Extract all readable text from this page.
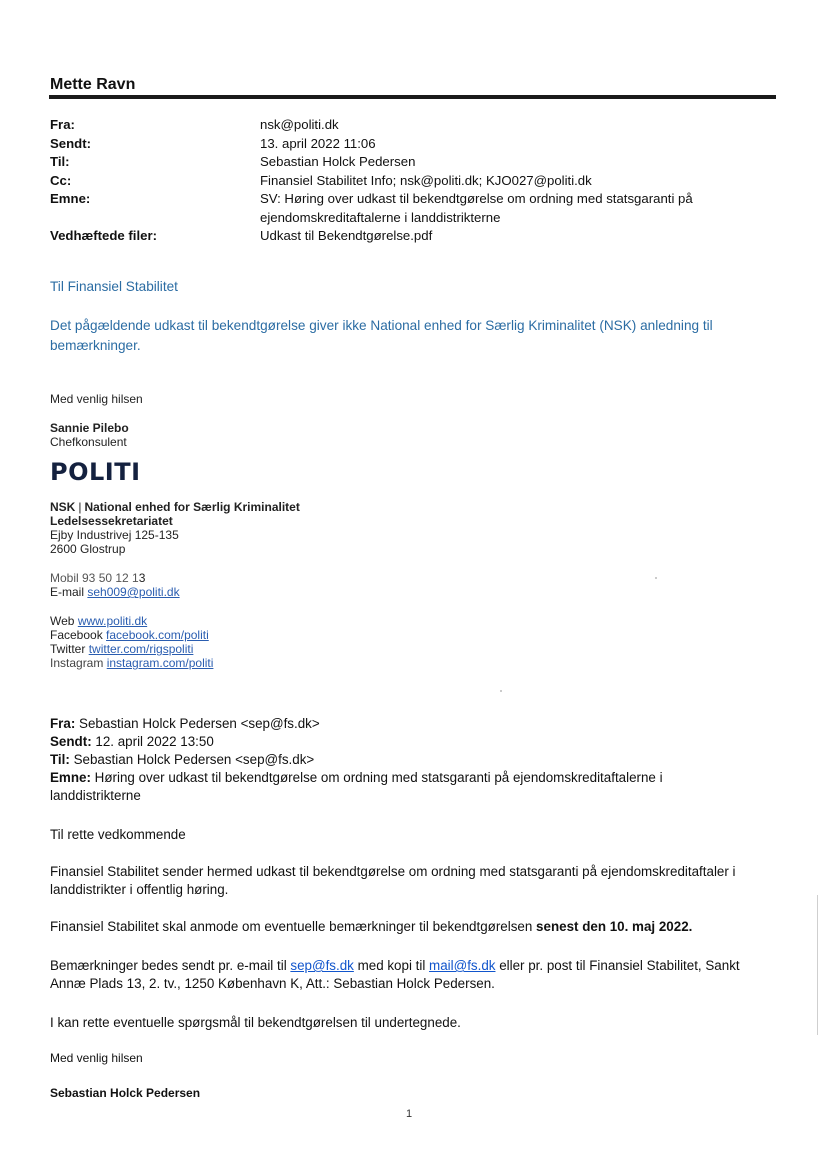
Mette Ravn
Fra:	nsk@politi.dk
Sendt:	13. april 2022 11:06
Til:	Sebastian Holck Pedersen
Cc:	Finansiel Stabilitet Info; nsk@politi.dk; KJO027@politi.dk
Emne:	SV: Høring over udkast til bekendtgørelse om ordning med statsgaranti på
ejendomskreditaftalerne i landdistrikterne
Vedhæftede filer:	Udkast til Bekendtgørelse.pdf
Til Finansiel Stabilitet
Det pågældende udkast til bekendtgørelse giver ikke National enhed for Særlig Kriminalitet (NSK) anledning til bemærkninger.
Med venlig hilsen
Sannie Pilebo
Chefkonsulent
POLITI
NSK | National enhed for Særlig Kriminalitet
Ledelsessekretariatet
Ejby Industrivej 125-135
2600 Glostrup
Mobil 93 50 12 13
E-mail seh009@politi.dk
Web www.politi.dk
Facebook facebook.com/politi
Twitter twitter.com/rigspoliti
Instagram instagram.com/politi
Fra: Sebastian Holck Pedersen <sep@fs.dk>
Sendt: 12. april 2022 13:50
Til: Sebastian Holck Pedersen <sep@fs.dk>
Emne: Høring over udkast til bekendtgørelse om ordning med statsgaranti på ejendomskreditaftalerne i
landdistrikterne
Til rette vedkommende
Finansiel Stabilitet sender hermed udkast til bekendtgørelse om ordning med statsgaranti på ejendomskreditaftaler i
landdistrikter i offentlig høring.
Finansiel Stabilitet skal anmode om eventuelle bemærkninger til bekendtgørelsen senest den 10. maj 2022.
Bemærkninger bedes sendt pr. e-mail til sep@fs.dk med kopi til mail@fs.dk eller pr. post til Finansiel Stabilitet, Sankt
Annæ Plads 13, 2. tv., 1250 København K, Att.: Sebastian Holck Pedersen.
I kan rette eventuelle spørgsmål til bekendtgørelsen til undertegnede.
Med venlig hilsen
Sebastian Holck Pedersen
1
